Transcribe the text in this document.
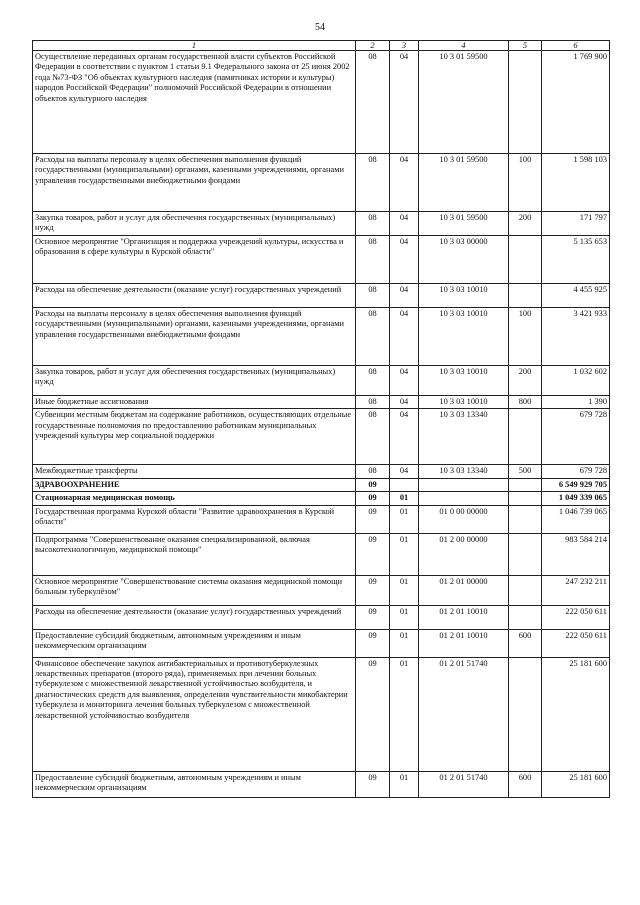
54
1	2	3	4	5	6
Осуществление переданных органам государственной власти субъектов Российской Федерации в соответствии с пунктом 1 статьи 9.1 Федерального закона от 25 июня 2002 года №73-ФЗ "Об объектах культурного наследия (памятниках истории и культуры) народов Российской Федерации" полномочий Российской Федерации в отношении объектов культурного наследия	08	04	10 3 01 59500		1 769 900
Расходы на выплаты персоналу в целях обеспечения выполнения функций государственными (муниципальными) органами, казенными учреждениями, органами управления государственными внебюджетными фондами	08	04	10 3 01 59500	100	1 598 103
Закупка товаров, работ и услуг для обеспечения государственных (муниципальных) нужд	08	04	10 3 01 59500	200	171 797
Основное мероприятие "Организация и поддержка учреждений культуры, искусства и образования в сфере культуры в Курской области"	08	04	10 3 03 00000		5 135 653
Расходы на обеспечение деятельности (оказание услуг) государственных учреждений	08	04	10 3 03 10010		4 455 925
Расходы на выплаты персоналу в целях обеспечения выполнения функций государственными (муниципальными) органами, казенными учреждениями, органами управления государственными внебюджетными фондами	08	04	10 3 03 10010	100	3 421 933
Закупка товаров, работ и услуг для обеспечения государственных (муниципальных) нужд	08	04	10 3 03 10010	200	1 032 602
Иные бюджетные ассигнования	08	04	10 3 03 10010	800	1 390
Субвенции местным бюджетам на содержание работников, осуществляющих отдельные государственные полномочия по предоставлению работникам муниципальных учреждений культуры мер социальной поддержки	08	04	10 3 03 13340		679 728
Межбюджетные трансферты	08	04	10 3 03 13340	500	679 728
ЗДРАВООХРАНЕНИЕ	09				6 549 929 705
Стационарная медицинская помощь	09	01			1 049 339 065
Государственная программа Курской области "Развитие здравоохранения в Курской области"	09	01	01 0 00 00000		1 046 739 065
Подпрограмма "Совершенствование оказания специализированной, включая высокотехнологичную, медицинской помощи"	09	01	01 2 00 00000		983 584 214
Основное мероприятие "Совершенствование системы оказания медицинской помощи больным туберкулёзом"	09	01	01 2 01 00000		247 232 211
Расходы на обеспечение деятельности (оказание услуг) государственных учреждений	09	01	01 2 01 10010		222 050 611
Предоставление субсидий бюджетным, автономным учреждениям и иным некоммерческим организациям	09	01	01 2 01 10010	600	222 050 611
Финансовое обеспечение закупок антибактериальных и противотуберкулезных лекарственных препаратов (второго ряда), применяемых при лечении больных туберкулезом с множественной лекарственной устойчивостью возбудителя, и диагностических средств для выявления, определения чувствительности микобактерии туберкулеза и мониторинга лечения больных туберкулезом с множественной лекарственной устойчивостью возбудителя	09	01	01 2 01 51740		25 181 600
Предоставление субсидий бюджетным, автономным учреждениям и иным некоммерческим организациям	09	01	01 2 01 51740	600	25 181 600
